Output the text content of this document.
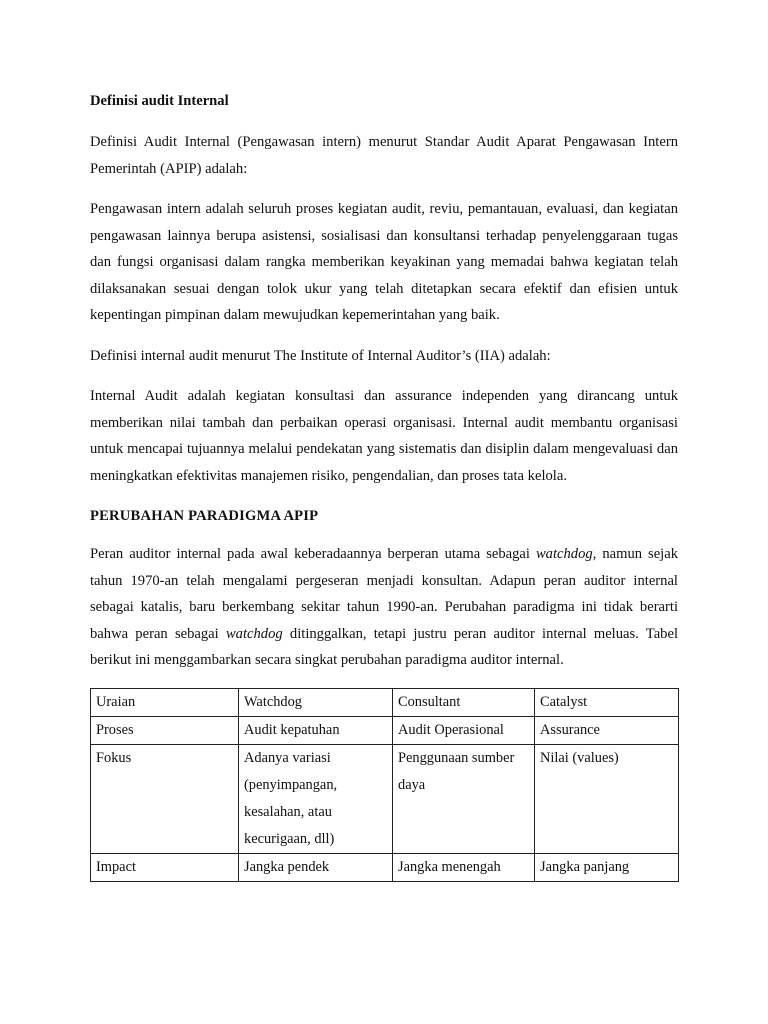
Definisi audit Internal

Definisi Audit Internal (Pengawasan intern) menurut Standar Audit Aparat Pengawasan Intern Pemerintah (APIP) adalah:

Pengawasan intern adalah seluruh proses kegiatan audit, reviu, pemantauan, evaluasi, dan kegiatan pengawasan lainnya berupa asistensi, sosialisasi dan konsultansi terhadap penyelenggaraan tugas dan fungsi organisasi dalam rangka memberikan keyakinan yang memadai bahwa kegiatan telah dilaksanakan sesuai dengan tolok ukur yang telah ditetapkan secara efektif dan efisien untuk kepentingan pimpinan dalam mewujudkan kepemerintahan yang baik.

Definisi internal audit menurut The Institute of Internal Auditor’s (IIA) adalah:

Internal Audit adalah kegiatan konsultasi dan assurance independen yang dirancang untuk memberikan nilai tambah dan perbaikan operasi organisasi. Internal audit membantu organisasi untuk mencapai tujuannya melalui pendekatan yang sistematis dan disiplin dalam mengevaluasi dan meningkatkan efektivitas manajemen risiko, pengendalian, dan proses tata kelola.

PERUBAHAN PARADIGMA APIP

Peran auditor internal pada awal keberadaannya berperan utama sebagai watchdog, namun sejak tahun 1970-an telah mengalami pergeseran menjadi konsultan. Adapun peran auditor internal sebagai katalis, baru berkembang sekitar tahun 1990-an. Perubahan paradigma ini tidak berarti bahwa peran sebagai watchdog ditinggalkan, tetapi justru peran auditor internal meluas. Tabel berikut ini menggambarkan secara singkat perubahan paradigma auditor internal.

Uraian	Watchdog	Consultant	Catalyst
Proses	Audit kepatuhan	Audit Operasional	Assurance
Fokus	Adanya variasi (penyimpangan, kesalahan, atau kecurigaan, dll)	Penggunaan sumber daya	Nilai (values)
Impact	Jangka pendek	Jangka menengah	Jangka panjang
